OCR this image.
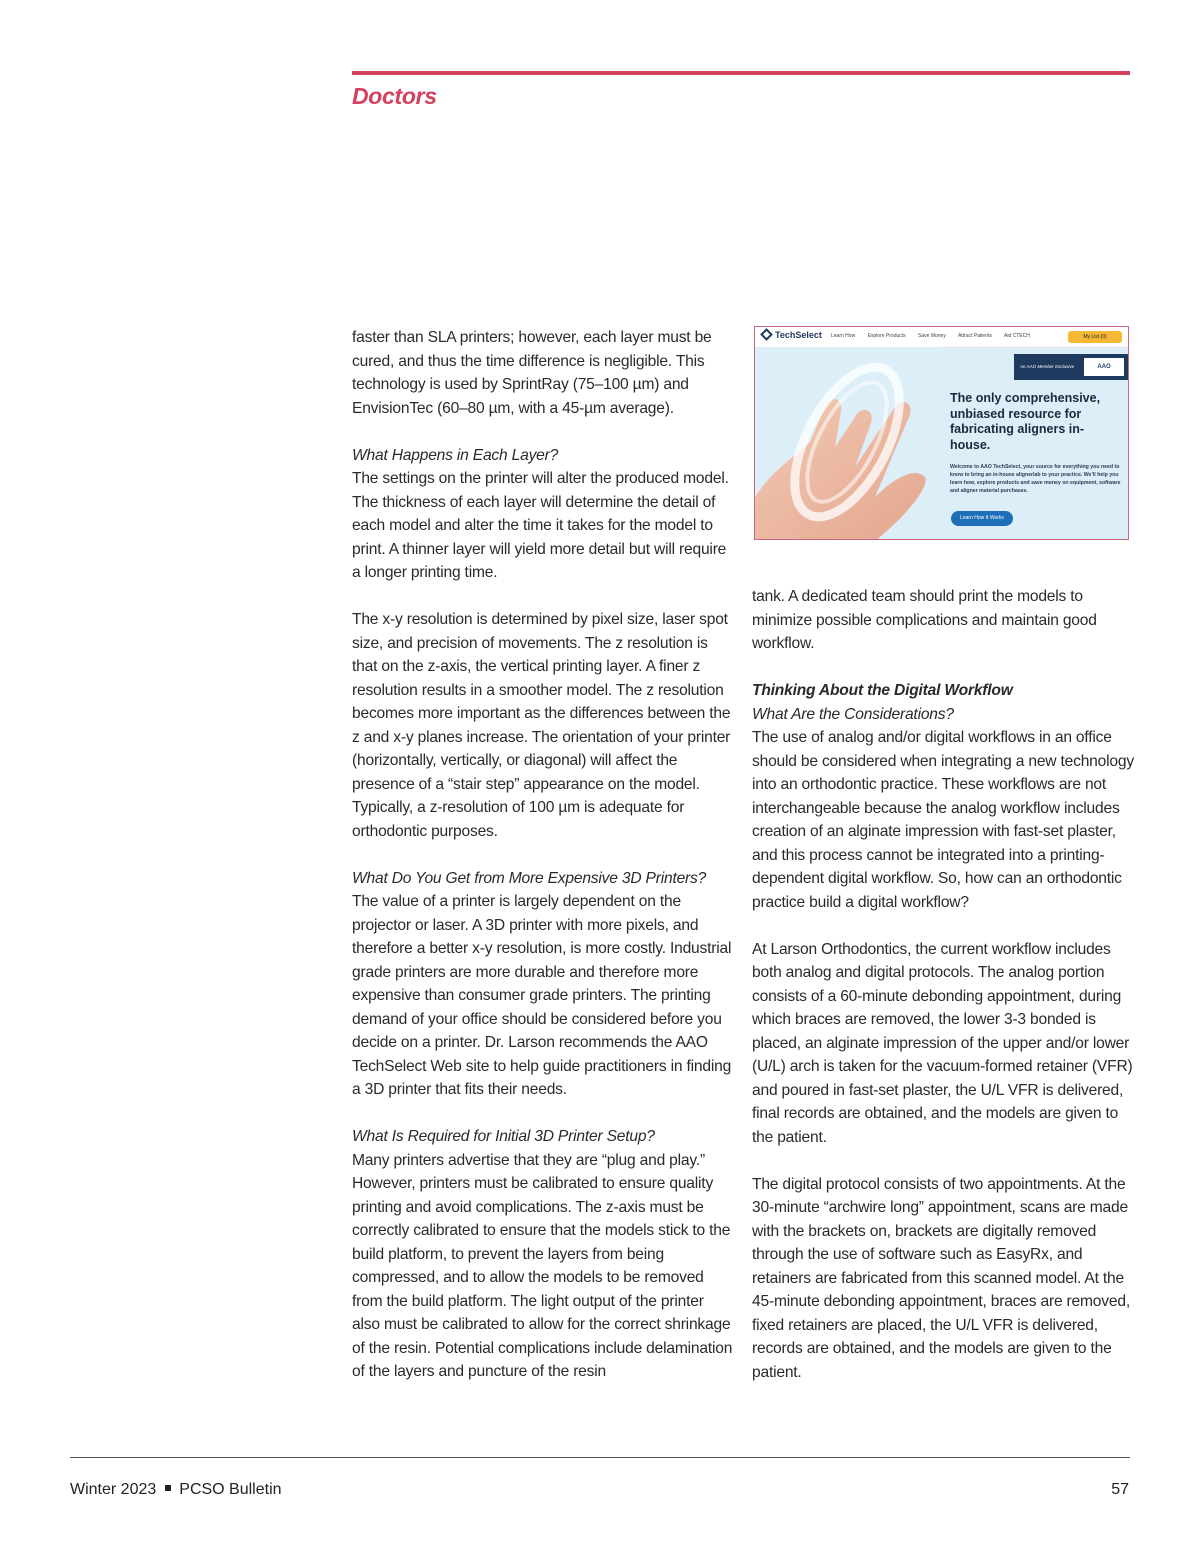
Doctors

faster than SLA printers; however, each layer must be cured, and thus the time difference is negligible. This technology is used by SprintRay (75–100 µm) and EnvisionTec (60–80 µm, with a 45-µm average).

What Happens in Each Layer?
The settings on the printer will alter the produced model. The thickness of each layer will determine the detail of each model and alter the time it takes for the model to print. A thinner layer will yield more detail but will require a longer printing time.

The x-y resolution is determined by pixel size, laser spot size, and precision of movements. The z resolution is that on the z-axis, the vertical printing layer. A finer z resolution results in a smoother model. The z resolution becomes more important as the differences between the z and x-y planes increase. The orientation of your printer (horizontally, vertically, or diagonal) will affect the presence of a “stair step” appearance on the model. Typically, a z-resolution of 100 µm is adequate for orthodontic purposes.

What Do You Get from More Expensive 3D Printers?
The value of a printer is largely dependent on the projector or laser. A 3D printer with more pixels, and therefore a better x-y resolution, is more costly. Industrial grade printers are more durable and therefore more expensive than consumer grade printers. The printing demand of your office should be considered before you decide on a printer. Dr. Larson recommends the AAO TechSelect Web site to help guide practitioners in finding a 3D printer that fits their needs.

What Is Required for Initial 3D Printer Setup?
Many printers advertise that they are “plug and play.” However, printers must be calibrated to ensure quality printing and avoid complications. The z-axis must be correctly calibrated to ensure that the models stick to the build platform, to prevent the layers from being compressed, and to allow the models to be removed from the build platform. The light output of the printer also must be calibrated to allow for the correct shrinkage of the resin. Potential complications include delamination of the layers and puncture of the resin

TechSelect Learn How Explore Products Save Money Attract Patients Aid CTECH	My List (0)
An AAO Member Exclusive	AAO
The only comprehensive, unbiased resource for fabricating aligners in-house.
Welcome to AAO TechSelect, your source for everything you need to know to bring an in-house alignerlab to your practice. We’ll help you learn how, explore products and save money on equipment, software and aligner material purchases.
Learn How It Works

tank. A dedicated team should print the models to minimize possible complications and maintain good workflow.

Thinking About the Digital Workflow
What Are the Considerations?
The use of analog and/or digital workflows in an office should be considered when integrating a new technology into an orthodontic practice. These workflows are not interchangeable because the analog workflow includes creation of an alginate impression with fast-set plaster, and this process cannot be integrated into a printing-dependent digital workflow. So, how can an orthodontic practice build a digital workflow?

At Larson Orthodontics, the current workflow includes both analog and digital protocols. The analog portion consists of a 60-minute debonding appointment, during which braces are removed, the lower 3-3 bonded is placed, an alginate impression of the upper and/or lower (U/L) arch is taken for the vacuum-formed retainer (VFR) and poured in fast-set plaster, the U/L VFR is delivered, final records are obtained, and the models are given to the patient.

The digital protocol consists of two appointments. At the 30-minute “archwire long” appointment, scans are made with the brackets on, brackets are digitally removed through the use of software such as EasyRx, and retainers are fabricated from this scanned model. At the 45-minute debonding appointment, braces are removed, fixed retainers are placed, the U/L VFR is delivered, records are obtained, and the models are given to the patient.

Winter 2023 PCSO Bulletin	57
